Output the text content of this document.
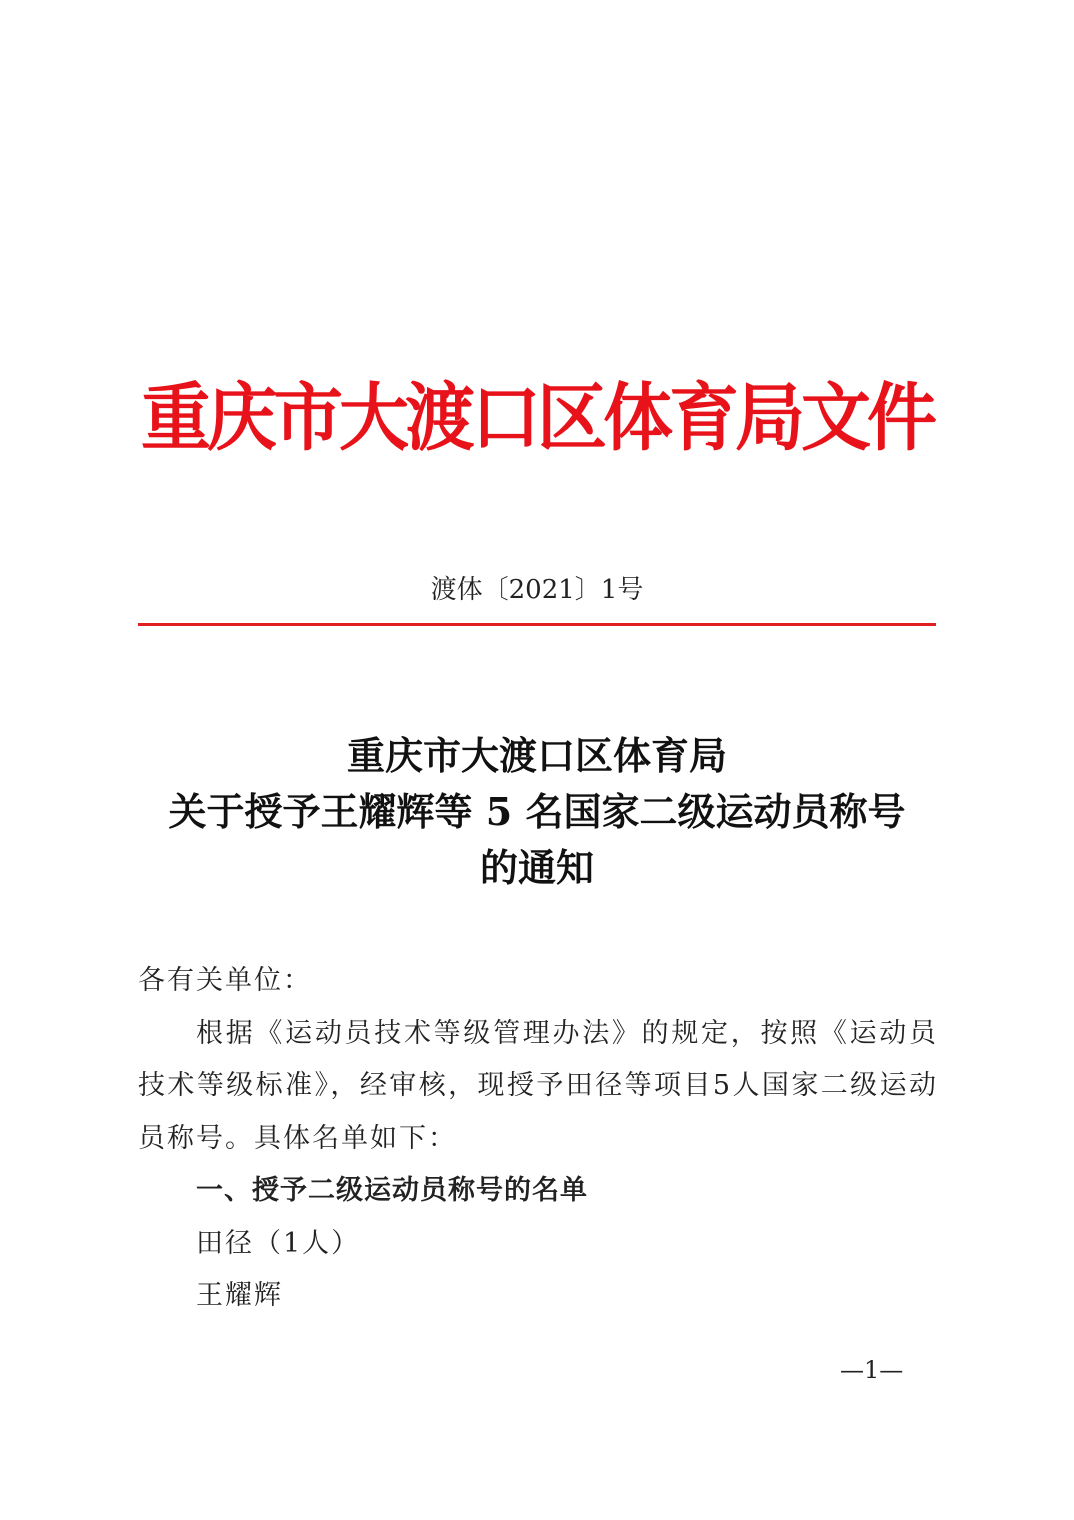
重庆市大渡口区体育局文件
渡体〔2021〕1号
重庆市大渡口区体育局
关于授予王耀辉等 5 名国家二级运动员称号
的通知

各有关单位：

根据《运动员技术等级管理办法》的规定，按照《运动员技术等级标准》，经审核，现授予田径等项目5人国家二级运动员称号。具体名单如下：

一、授予二级运动员称号的名单

田径（1人）

王耀辉

—1—
